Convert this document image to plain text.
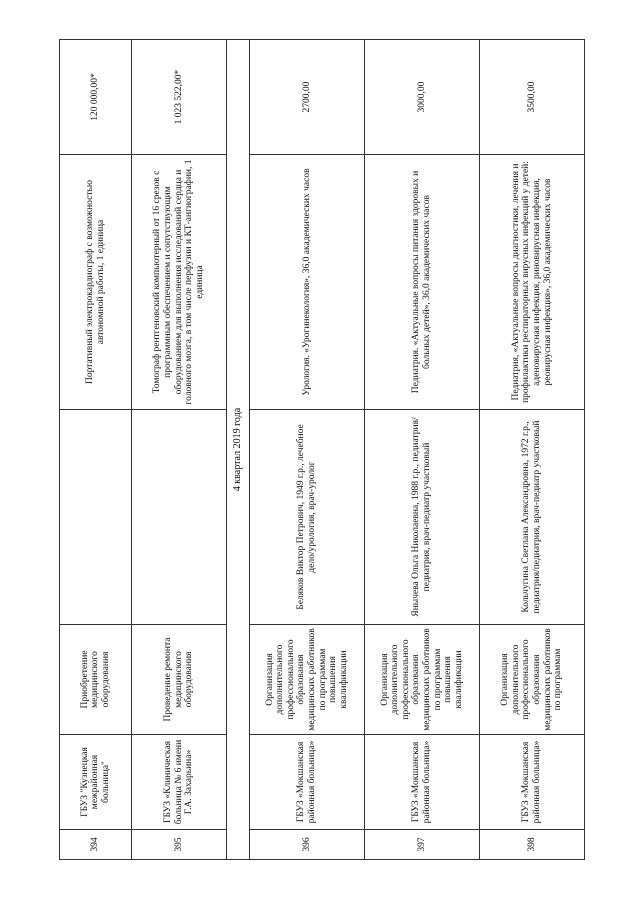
394	ГБУЗ "Кузнецкая межрайонная больница"	Приобретение медицинского оборудования		Портативный электрокардиограф с возможностью автономной работы, 1 единица	120 000,00*
395	ГБУЗ «Клиническая больница № 6 имени Г.А. Захарьина»	Проведение ремонта медицинского оборудования		Томограф рентгеновский компьютерный от 16 срезов с программным обеспечением и сопутствующим оборудованием для выполнения исследований сердца и головного мозга, в том числе перфузии и КТ-ангиографии, 1 единица	1 023 522,00*
4 квартал 2019 года					
396	ГБУЗ «Мокшанская районная больница»	Организация дополнительного профессионального образования медицинских работников по программам повышения квалификации	Беляков Виктор Петрович, 1949 г.р., лечебное дело/урология, врач-уролог	Урология. «Урогинекология», 36,0 академических часов	2700,00
397	ГБУЗ «Мокшанская районная больница»	Организация дополнительного профессионального образования медицинских работников по программам повышения квалификации	Янычева Ольга Николаевна, 1988 г.р., педиатрия/педиатрия, врач-педиатр участковый	Педиатрия. «Актуальные вопросы питания здоровых и больных детей», 36,0 академических часов	3000,00
398	ГБУЗ «Мокшанская районная больница»	Организация дополнительного профессионального образования медицинских работников по программам	Кольчугина Светлана Александровна, 1972 г.р., педиатрия/педиатрия, врач-педиатр участковый	Педиатрия, «Актуальные вопросы диагностики, лечения и профилактики респираторных вирусных инфекций у детей: аденовирусная инфекция, риновирусная инфекция, реовирусная инфекция», 36,0 академических часов	3500,00
